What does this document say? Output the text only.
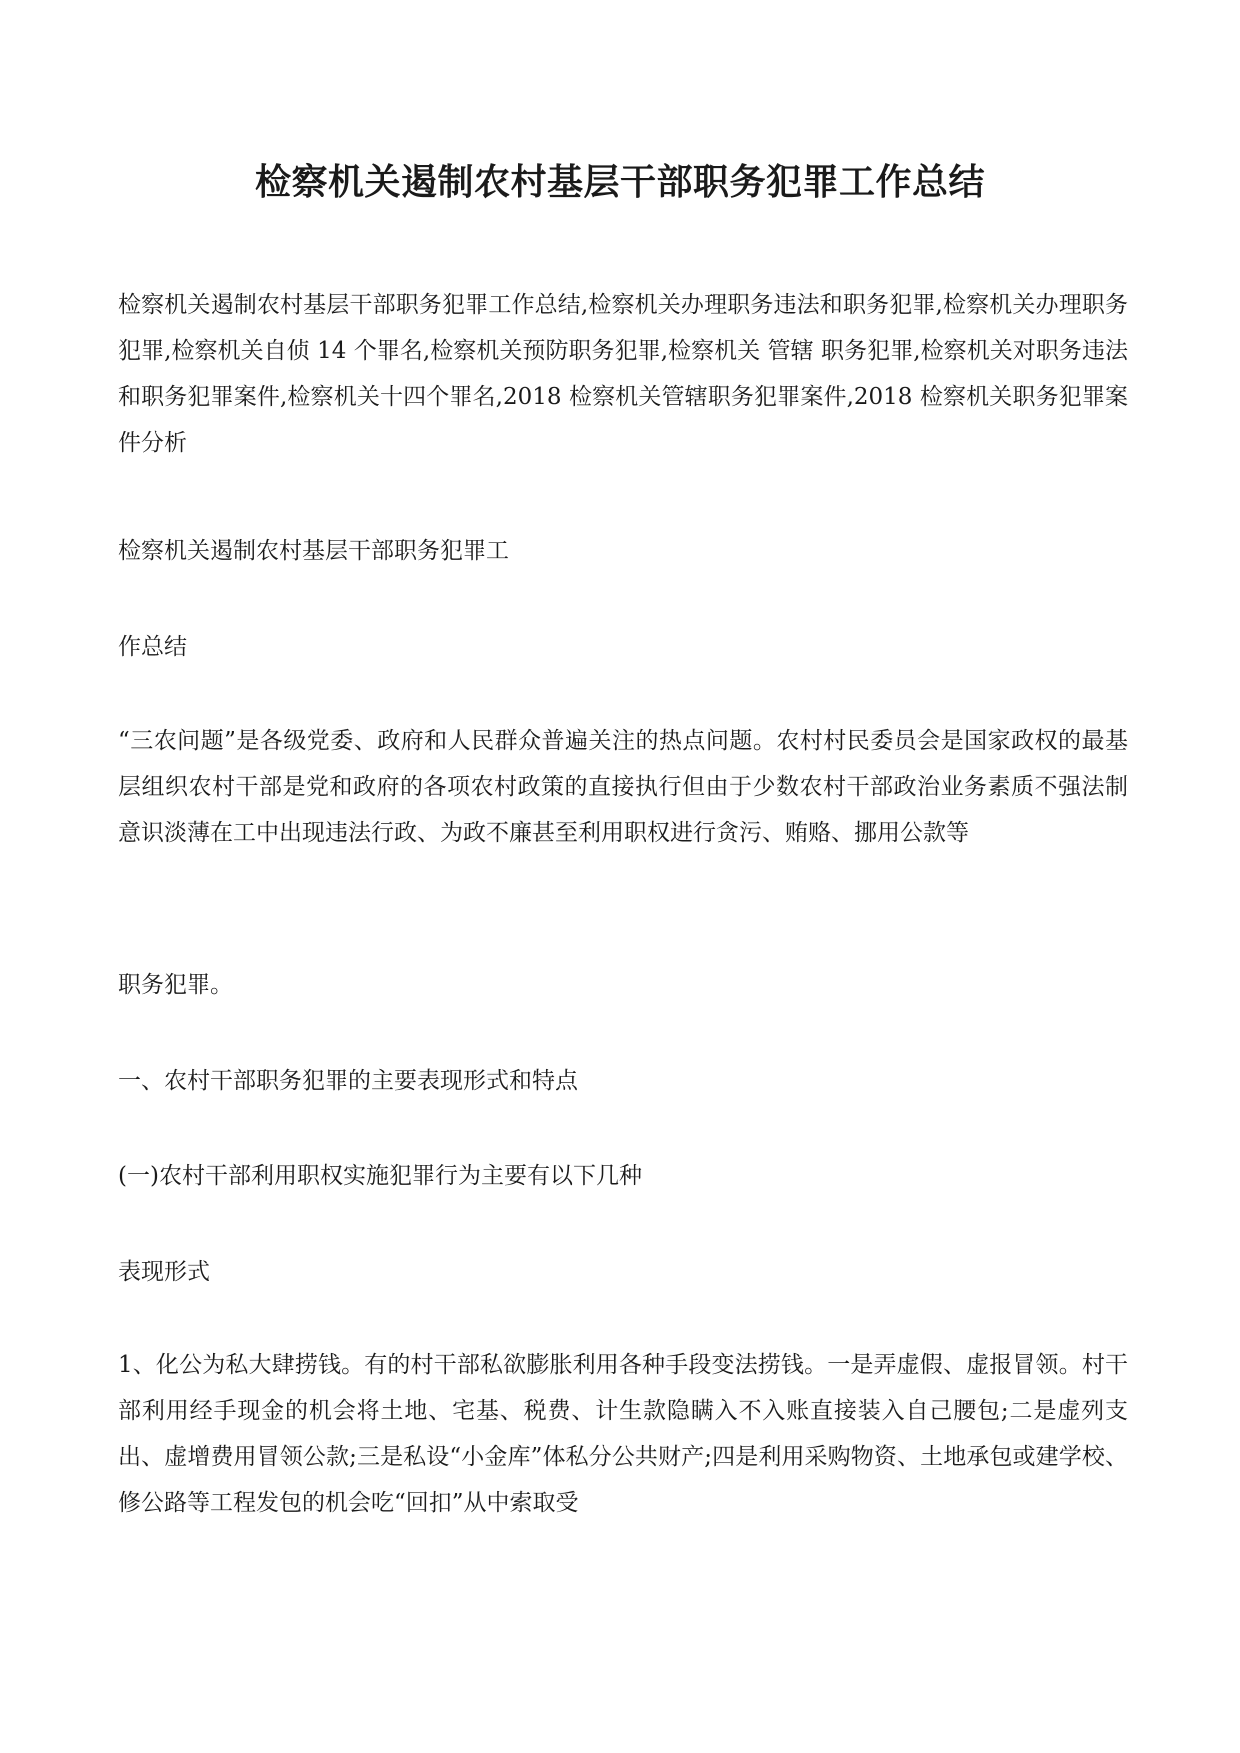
检察机关遏制农村基层干部职务犯罪工作总结

检察机关遏制农村基层干部职务犯罪工作总结,检察机关办理职务违法和职务犯罪,检察机关办理职务犯罪,检察机关自侦 14 个罪名,检察机关预防职务犯罪,检察机关 管辖 职务犯罪,检察机关对职务违法和职务犯罪案件,检察机关十四个罪名,2018 检察机关管辖职务犯罪案件,2018 检察机关职务犯罪案件分析

检察机关遏制农村基层干部职务犯罪工

作总结

“三农问题”是各级党委、政府和人民群众普遍关注的热点问题。农村村民委员会是国家政权的最基层组织农村干部是党和政府的各项农村政策的直接执行但由于少数农村干部政治业务素质不强法制意识淡薄在工中出现违法行政、为政不廉甚至利用职权进行贪污、贿赂、挪用公款等

职务犯罪。

一、农村干部职务犯罪的主要表现形式和特点

(一)农村干部利用职权实施犯罪行为主要有以下几种

表现形式

1、化公为私大肆捞钱。有的村干部私欲膨胀利用各种手段变法捞钱。一是弄虚假、虚报冒领。村干部利用经手现金的机会将土地、宅基、税费、计生款隐瞒入不入账直接装入自己腰包;二是虚列支出、虚增费用冒领公款;三是私设“小金库”体私分公共财产;四是利用采购物资、土地承包或建学校、修公路等工程发包的机会吃“回扣”从中索取受
